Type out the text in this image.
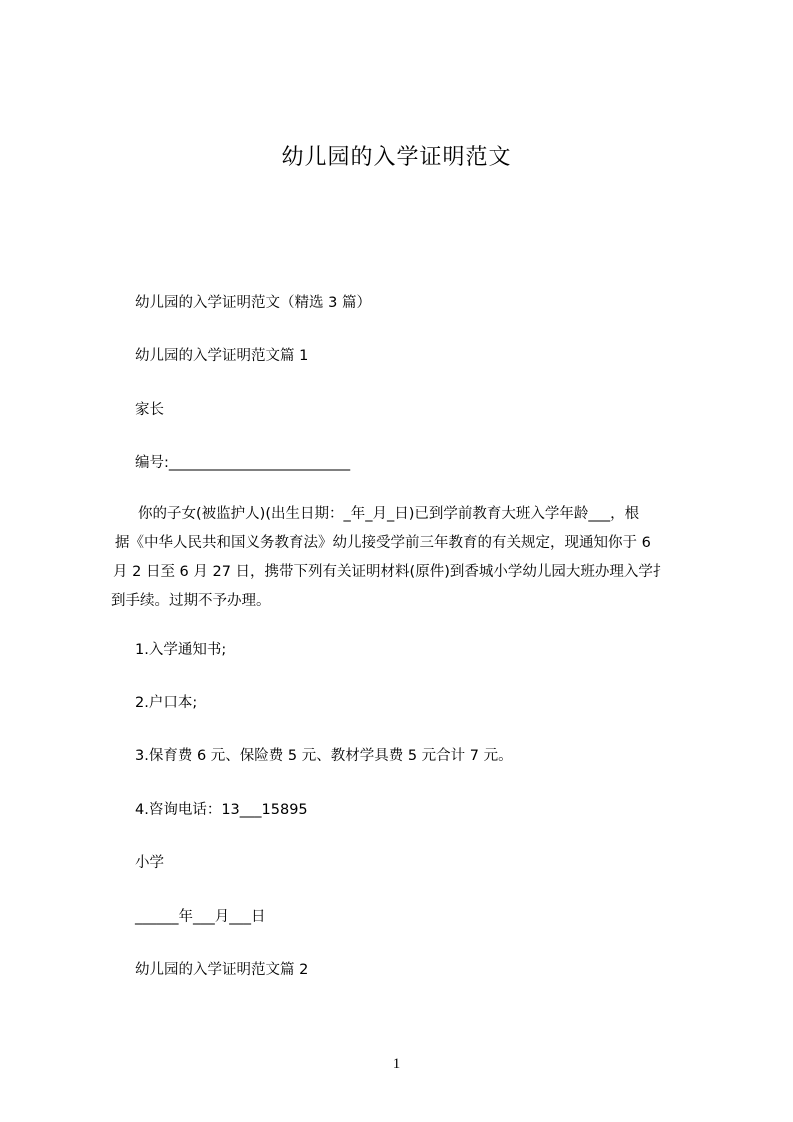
幼儿园的入学证明范文
幼儿园的入学证明范文（精选 3 篇）
幼儿园的入学证明范文篇 1
家长
编号:_________________________
你的子女(被监护人)(出生日期：_年_月_日)已到学前教育大班入学年龄___，根
据《中华人民共和国义务教育法》幼儿接受学前三年教育的有关规定，现通知你于 6
月 2 日至 6 月 27 日，携带下列有关证明材料(原件)到香城小学幼儿园大班办理入学扌
到手续。过期不予办理。
1.入学通知书;
2.户口本;
3.保育费 6 元、保险费 5 元、教材学具费 5 元合计 7 元。
4.咨询电话：13___15895
小学
______年___月___日
幼儿园的入学证明范文篇 2
1
